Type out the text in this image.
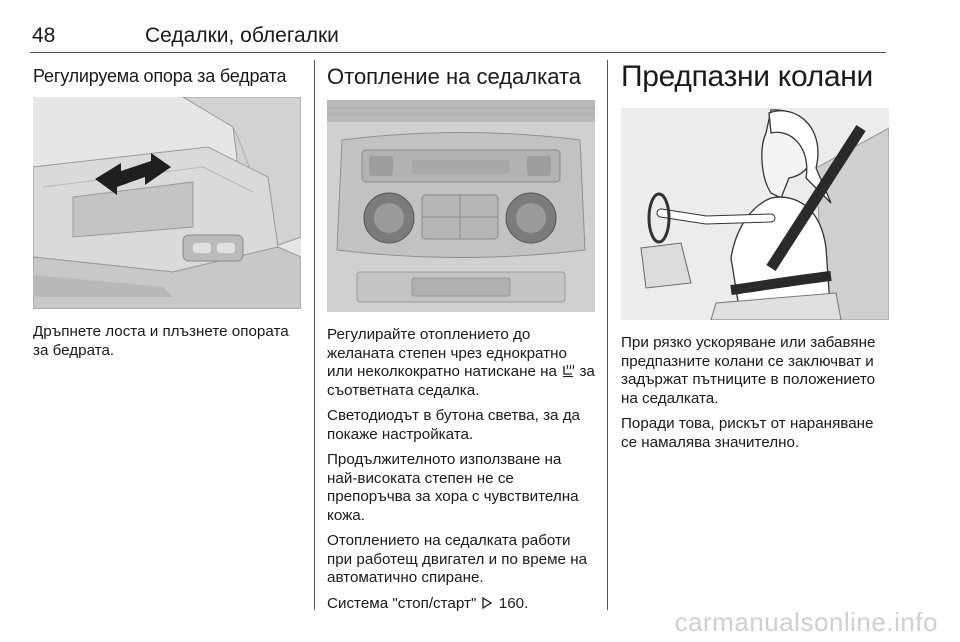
48	Седалки, облегалки
Регулируема опора за бедрата

Дръпнете лоста и плъзнете опората за бедрата.

Отопление на седалката

Регулирайте отоплението до желаната степен чрез еднократно или неколкократно натискане на  за съответната седалка.

Светодиодът в бутона светва, за да покаже настройката.

Продължителното използване на най-високата степен не се препоръчва за хора с чувствителна кожа.

Отоплението на седалката работи при работещ двигател и по време на автоматично спиране.

Система "стоп/старт"  160.

Предпазни колани

При рязко ускоряване или забавяне предпазните колани се заключват и задържат пътниците в положението на седалката.

Поради това, рискът от нараняване се намалява значително.

carmanualsonline.info
